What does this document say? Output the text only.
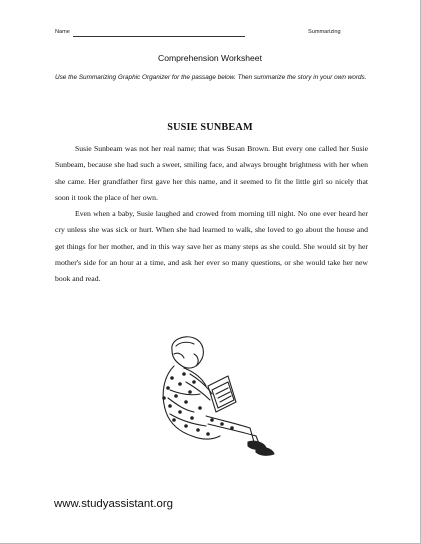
Name	Summarizing
Comprehension Worksheet
Use the Summarizing Graphic Organizer for the passage below. Then summarize the story in your own words.
SUSIE SUNBEAM

Susie Sunbeam was not her real name; that was Susan Brown. But every one called her Susie Sunbeam, because she had such a sweet, smiling face, and always brought brightness with her when she came. Her grandfather first gave her this name, and it seemed to fit the little girl so nicely that soon it took the place of her own.

Even when a baby, Susie laughed and crowed from morning till night. No one ever heard her cry unless she was sick or hurt. When she had learned to walk, she loved to go about the house and get things for her mother, and in this way save her as many steps as she could. She would sit by her mother's side for an hour at a time, and ask her ever so many questions, or she would take her new book and read.

www.studyassistant.org
